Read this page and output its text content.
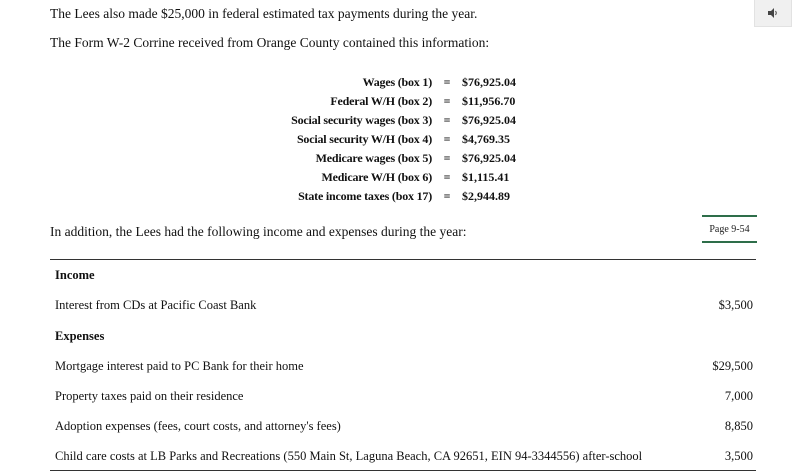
The Lees also made $25,000 in federal estimated tax payments during the year.
The Form W-2 Corrine received from Orange County contained this information:
Wages (box 1) = $76,925.04
Federal W/H (box 2) = $11,956.70
Social security wages (box 3) = $76,925.04
Social security W/H (box 4) = $4,769.35
Medicare wages (box 5) = $76,925.04
Medicare W/H (box 6) = $1,115.41
State income taxes (box 17) = $2,944.89
In addition, the Lees had the following income and expenses during the year:	Page 9-54
Income
Interest from CDs at Pacific Coast Bank	$3,500
Expenses
Mortgage interest paid to PC Bank for their home	$29,500
Property taxes paid on their residence	7,000
Adoption expenses (fees, court costs, and attorney's fees)	8,850
Child care costs at LB Parks and Recreations (550 Main St, Laguna Beach, CA 92651, EIN 94-3344556) after-school	3,500
